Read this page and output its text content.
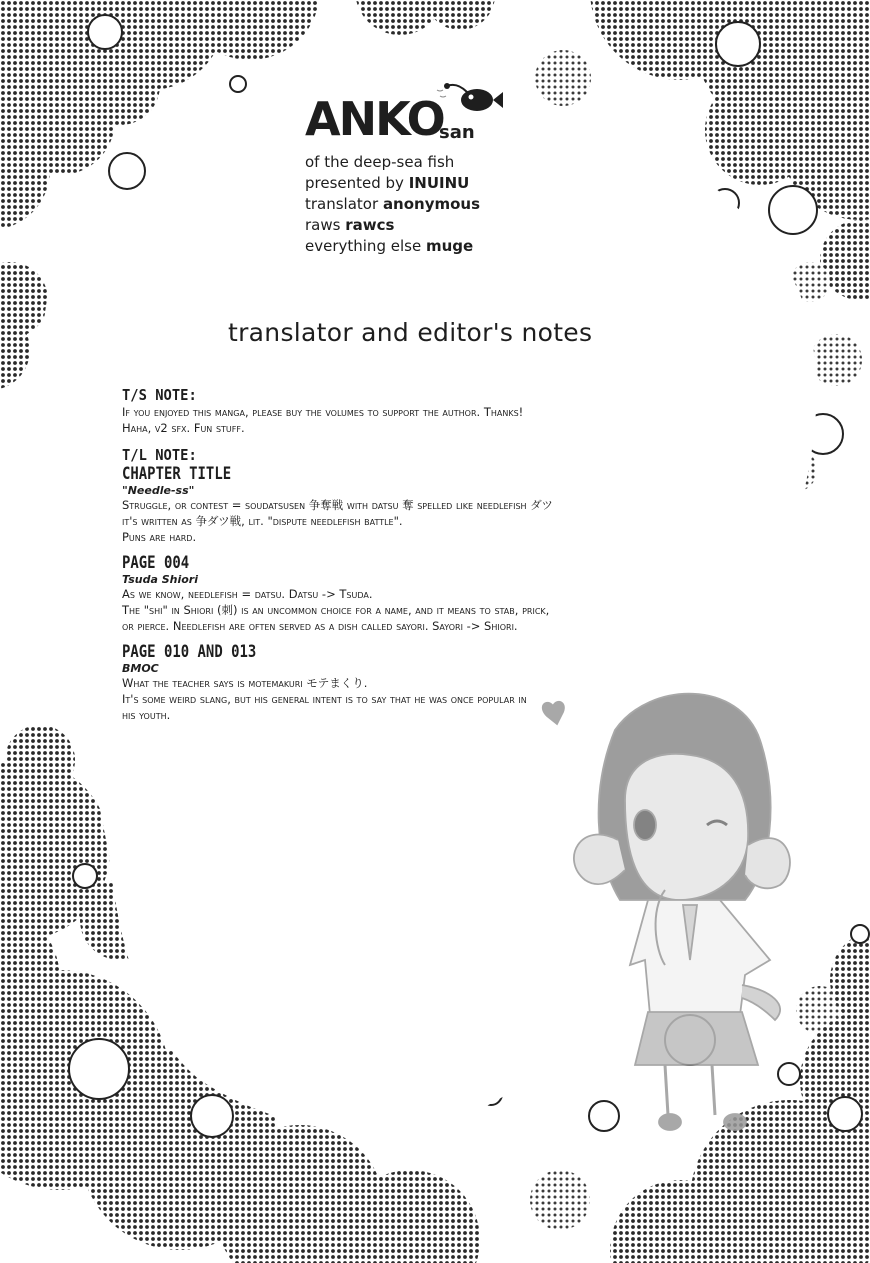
ANKO
san
of the deep-sea fish
presented by INUINU
translator anonymous
raws rawcs
everything else muge
translator and editor's notes
T/S NOTE:
If you enjoyed this manga, please buy the volumes to support the author. Thanks!
Haha, v2 sfx. Fun stuff.
T/L NOTE:
CHAPTER TITLE
"Needle-ss"
Struggle, or contest = soudatsusen 争奪戦 with datsu 奪 spelled like needlefish ダツ
it's written as 争ダツ戦, lit. "dispute needlefish battle".
Puns are hard.
PAGE 004
Tsuda Shiori
As we know, needlefish = datsu. Datsu -> Tsuda.
The "shi" in Shiori (刺) is an uncommon choice for a name, and it means to stab, prick,
or pierce. Needlefish are often served as a dish called sayori. Sayori -> Shiori.
PAGE 010 AND 013
BMOC
What the teacher says is motemakuri モテまくり.
It's some weird slang, but his general intent is to say that he was once popular in
his youth.
